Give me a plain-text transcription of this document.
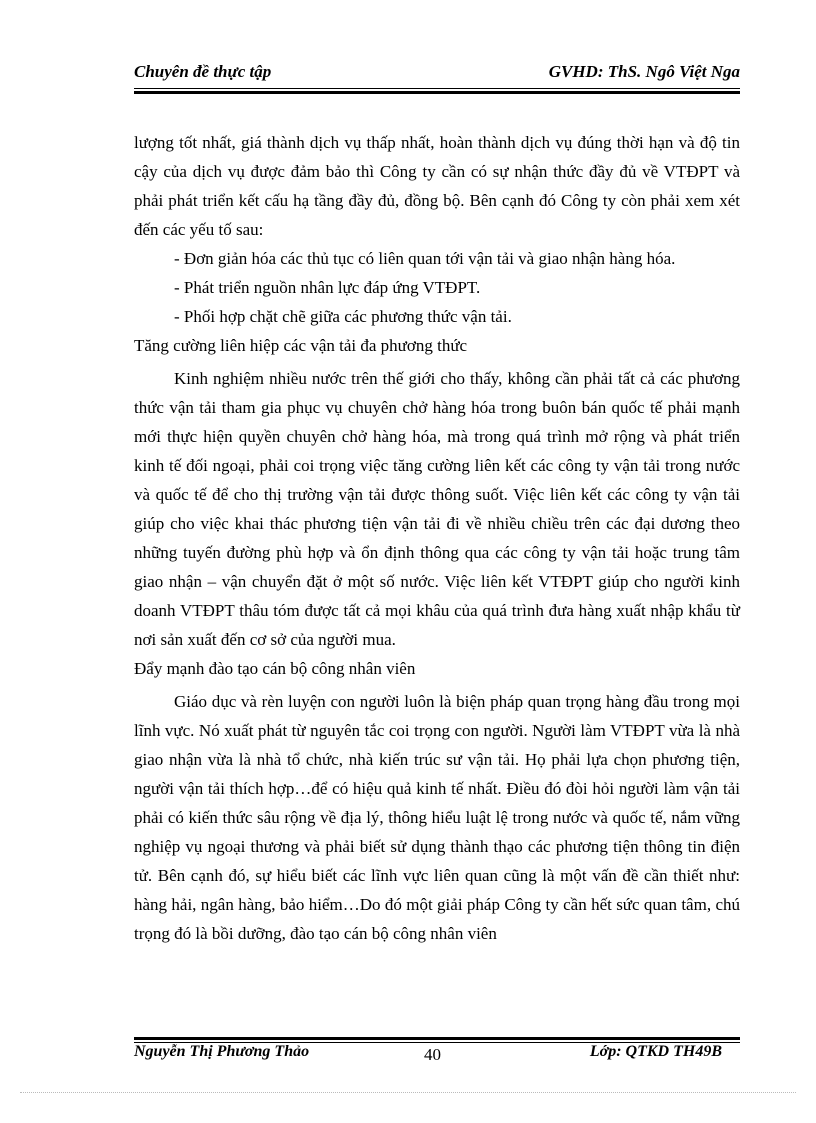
Chuyên đề thực tập	GVHD: ThS. Ngô Việt Nga

lượng tốt nhất, giá thành dịch vụ thấp nhất, hoàn thành dịch vụ đúng thời hạn và độ tin cậy của dịch vụ được đảm bảo thì Công ty cần có sự nhận thức đầy đủ về VTĐPT và phải phát triển kết cấu hạ tầng đầy đủ, đồng bộ. Bên cạnh đó Công ty còn phải xem xét đến các yếu tố sau:

- Đơn giản hóa các thủ tục có liên quan tới vận tải và giao nhận hàng hóa.

- Phát triển nguồn nhân lực đáp ứng VTĐPT.

- Phối hợp chặt chẽ giữa các phương thức vận tải.

Tăng cường liên hiệp các vận tải đa phương thức

Kinh nghiệm nhiều nước trên thế giới cho thấy, không cần phải tất cả các phương thức vận tải tham gia phục vụ chuyên chở hàng hóa trong buôn bán quốc tế phải mạnh mới thực hiện quyền chuyên chở hàng hóa, mà trong quá trình mở rộng và phát triển kinh tế đối ngoại, phải coi trọng việc tăng cường liên kết các công ty vận tải trong nước và quốc tế để cho thị trường vận tải được thông suốt. Việc liên kết các công ty vận tải giúp cho việc khai thác phương tiện vận tải đi về nhiều chiều trên các đại dương theo những tuyến đường phù hợp và ổn định thông qua các công ty vận tải hoặc trung tâm giao nhận – vận chuyển đặt ở một số nước. Việc liên kết VTĐPT giúp cho người kinh doanh VTĐPT thâu tóm được tất cả mọi khâu của quá trình đưa hàng xuất nhập khẩu từ nơi sản xuất đến cơ sở của người mua.

Đẩy mạnh đào tạo cán bộ công nhân viên

Giáo dục và rèn luyện con người luôn là biện pháp quan trọng hàng đầu trong mọi lĩnh vực. Nó xuất phát từ nguyên tắc coi trọng con người. Người làm VTĐPT vừa là nhà giao nhận vừa là nhà tổ chức, nhà kiến trúc sư vận tải. Họ phải lựa chọn phương tiện, người vận tải thích hợp…để có hiệu quả kinh tế nhất. Điều đó đòi hỏi người làm vận tải phải có kiến thức sâu rộng về địa lý, thông hiểu luật lệ trong nước và quốc tế, nắm vững nghiệp vụ ngoại thương và phải biết sử dụng thành thạo các phương tiện thông tin điện tử. Bên cạnh đó, sự hiểu biết các lĩnh vực liên quan cũng là một vấn đề cần thiết như: hàng hải, ngân hàng, bảo hiểm…Do đó một giải pháp Công ty cần hết sức quan tâm, chú trọng đó là bồi dưỡng, đào tạo cán bộ công nhân viên

Nguyễn Thị Phương Thảo	40	Lớp: QTKD TH49B
